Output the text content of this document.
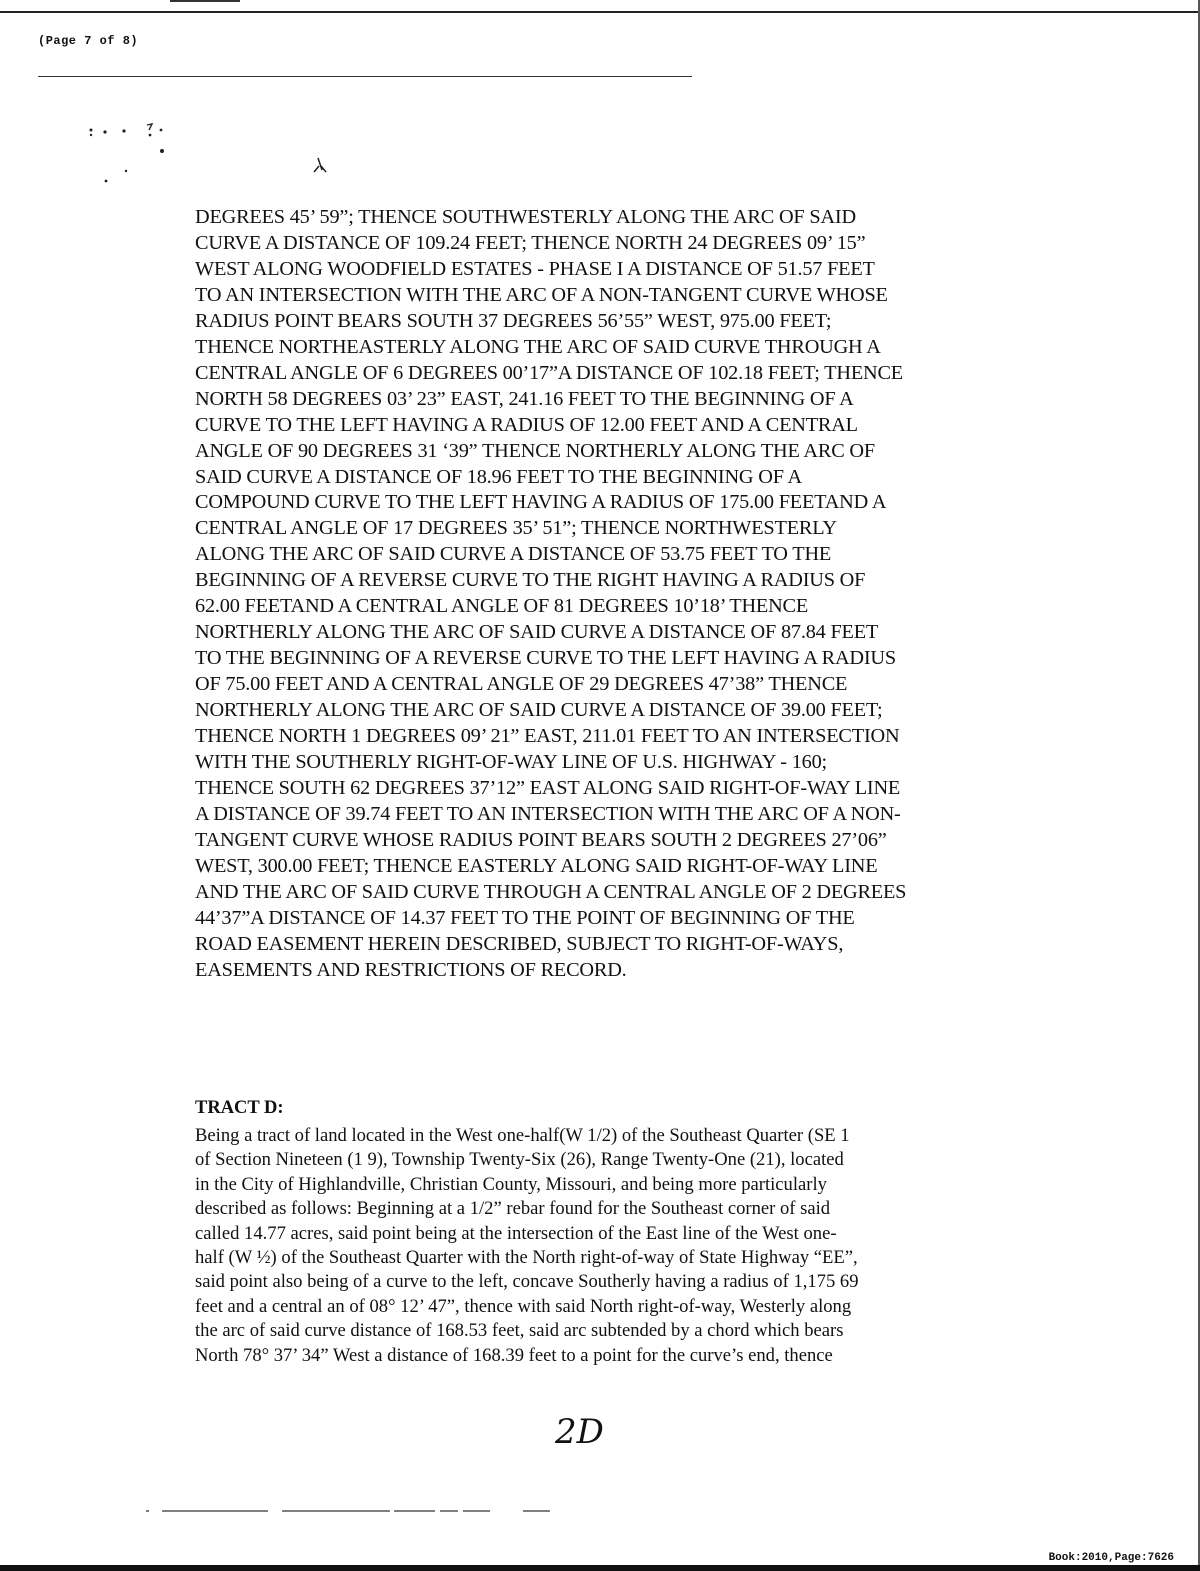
(Page 7 of 8)
DEGREES 45’ 59”; THENCE SOUTHWESTERLY ALONG THE ARC OF SAID
CURVE A DISTANCE OF 109.24 FEET; THENCE NORTH 24 DEGREES 09’ 15”
WEST ALONG WOODFIELD ESTATES - PHASE I A DISTANCE OF 51.57 FEET
TO AN INTERSECTION WITH THE ARC OF A NON-TANGENT CURVE WHOSE
RADIUS POINT BEARS SOUTH 37 DEGREES 56’55” WEST, 975.00 FEET;
THENCE NORTHEASTERLY ALONG THE ARC OF SAID CURVE THROUGH A
CENTRAL ANGLE OF 6 DEGREES 00’17”A DISTANCE OF 102.18 FEET; THENCE
NORTH 58 DEGREES 03’ 23” EAST, 241.16 FEET TO THE BEGINNING OF A
CURVE TO THE LEFT HAVING A RADIUS OF 12.00 FEET AND A CENTRAL
ANGLE OF 90 DEGREES 31 ‘39” THENCE NORTHERLY ALONG THE ARC OF
SAID CURVE A DISTANCE OF 18.96 FEET TO THE BEGINNING OF A
COMPOUND CURVE TO THE LEFT HAVING A RADIUS OF 175.00 FEETAND A
CENTRAL ANGLE OF 17 DEGREES 35’ 51”; THENCE NORTHWESTERLY
ALONG THE ARC OF SAID CURVE A DISTANCE OF 53.75 FEET TO THE
BEGINNING OF A REVERSE CURVE TO THE RIGHT HAVING A RADIUS OF
62.00 FEETAND A CENTRAL ANGLE OF 81 DEGREES 10’18’ THENCE
NORTHERLY ALONG THE ARC OF SAID CURVE A DISTANCE OF 87.84 FEET
TO THE BEGINNING OF A REVERSE CURVE TO THE LEFT HAVING A RADIUS
OF 75.00 FEET AND A CENTRAL ANGLE OF 29 DEGREES 47’38” THENCE
NORTHERLY ALONG THE ARC OF SAID CURVE A DISTANCE OF 39.00 FEET;
THENCE NORTH 1 DEGREES 09’ 21” EAST, 211.01 FEET TO AN INTERSECTION
WITH THE SOUTHERLY RIGHT-OF-WAY LINE OF U.S. HIGHWAY - 160;
THENCE SOUTH 62 DEGREES 37’12” EAST ALONG SAID RIGHT-OF-WAY LINE
A DISTANCE OF 39.74 FEET TO AN INTERSECTION WITH THE ARC OF A NON-
TANGENT CURVE WHOSE RADIUS POINT BEARS SOUTH 2 DEGREES 27’06”
WEST, 300.00 FEET; THENCE EASTERLY ALONG SAID RIGHT-OF-WAY LINE
AND THE ARC OF SAID CURVE THROUGH A CENTRAL ANGLE OF 2 DEGREES
44’37”A DISTANCE OF 14.37 FEET TO THE POINT OF BEGINNING OF THE
ROAD EASEMENT HEREIN DESCRIBED, SUBJECT TO RIGHT-OF-WAYS,
EASEMENTS AND RESTRICTIONS OF RECORD.
TRACT D:
Being a tract of land located in the West one-half(W 1/2) of the Southeast Quarter (SE 1
of Section Nineteen (1 9), Township Twenty-Six (26), Range Twenty-One (21), located
in the City of Highlandville, Christian County, Missouri, and being more particularly
described as follows: Beginning at a 1/2” rebar found for the Southeast corner of said
called 14.77 acres, said point being at the intersection of the East line of the West one-
half (W ½) of the Southeast Quarter with the North right-of-way of State Highway “EE”,
said point also being of a curve to the left, concave Southerly having a radius of 1,175 69
feet and a central an of 08° 12’ 47”, thence with said North right-of-way, Westerly along
the arc of said curve distance of 168.53 feet, said arc subtended by a chord which bears
North 78° 37’ 34” West a distance of 168.39 feet to a point for the curve’s end, thence
2D
Book:2010,Page:7626
